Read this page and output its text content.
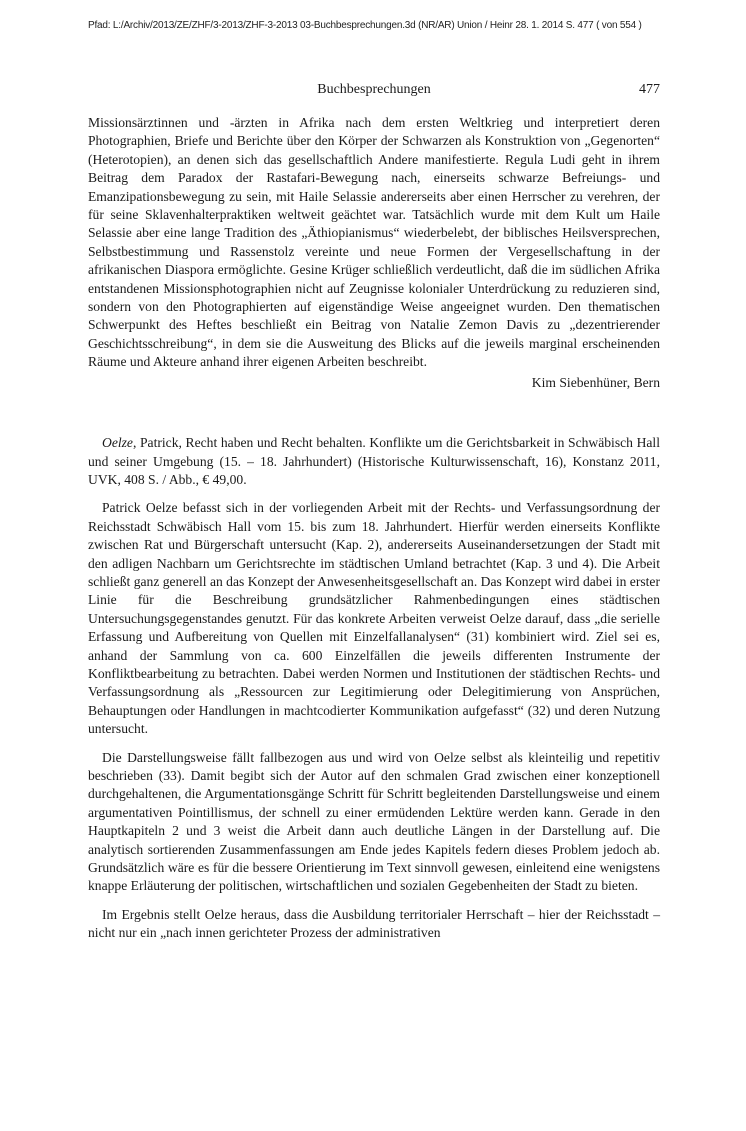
Pfad: L:/Archiv/2013/ZE/ZHF/3-2013/ZHF-3-2013 03-Buchbesprechungen.3d (NR/AR) Union / Heinr 28. 1. 2014 S. 477 ( von 554 )
Buchbesprechungen	477

Missionsärztinnen und -ärzten in Afrika nach dem ersten Weltkrieg und interpretiert deren Photographien, Briefe und Berichte über den Körper der Schwarzen als Konstruktion von „Gegenorten“ (Heterotopien), an denen sich das gesellschaftlich Andere manifestierte. Regula Ludi geht in ihrem Beitrag dem Paradox der Rastafari-Bewegung nach, einerseits schwarze Befreiungs- und Emanzipationsbewegung zu sein, mit Haile Selassie andererseits aber einen Herrscher zu verehren, der für seine Sklavenhalterpraktiken weltweit geächtet war. Tatsächlich wurde mit dem Kult um Haile Selassie aber eine lange Tradition des „Äthiopianismus“ wiederbelebt, der biblisches Heilsversprechen, Selbstbestimmung und Rassenstolz vereinte und neue Formen der Vergesellschaftung in der afrikanischen Diaspora ermöglichte. Gesine Krüger schließlich verdeutlicht, daß die im südlichen Afrika entstandenen Missionsphotographien nicht auf Zeugnisse kolonialer Unterdrückung zu reduzieren sind, sondern von den Photographierten auf eigenständige Weise angeeignet wurden. Den thematischen Schwerpunkt des Heftes beschließt ein Beitrag von Natalie Zemon Davis zu „dezentrierender Geschichtsschreibung“, in dem sie die Ausweitung des Blicks auf die jeweils marginal erscheinenden Räume und Akteure anhand ihrer eigenen Arbeiten beschreibt.

Kim Siebenhüner, Bern

Oelze, Patrick, Recht haben und Recht behalten. Konflikte um die Gerichtsbarkeit in Schwäbisch Hall und seiner Umgebung (15. – 18. Jahrhundert) (Historische Kulturwissenschaft, 16), Konstanz 2011, UVK, 408 S. / Abb., € 49,00.

Patrick Oelze befasst sich in der vorliegenden Arbeit mit der Rechts- und Verfassungsordnung der Reichsstadt Schwäbisch Hall vom 15. bis zum 18. Jahrhundert. Hierfür werden einerseits Konflikte zwischen Rat und Bürgerschaft untersucht (Kap. 2), andererseits Auseinandersetzungen der Stadt mit den adligen Nachbarn um Gerichtsrechte im städtischen Umland betrachtet (Kap. 3 und 4). Die Arbeit schließt ganz generell an das Konzept der Anwesenheitsgesellschaft an. Das Konzept wird dabei in erster Linie für die Beschreibung grundsätzlicher Rahmenbedingungen eines städtischen Untersuchungsgegenstandes genutzt. Für das konkrete Arbeiten verweist Oelze darauf, dass „die serielle Erfassung und Aufbereitung von Quellen mit Einzelfallanalysen“ (31) kombiniert wird. Ziel sei es, anhand der Sammlung von ca. 600 Einzelfällen die jeweils differenten Instrumente der Konfliktbearbeitung zu betrachten. Dabei werden Normen und Institutionen der städtischen Rechts- und Verfassungsordnung als „Ressourcen zur Legitimierung oder Delegitimierung von Ansprüchen, Behauptungen oder Handlungen in machtcodierter Kommunikation aufgefasst“ (32) und deren Nutzung untersucht.

Die Darstellungsweise fällt fallbezogen aus und wird von Oelze selbst als kleinteilig und repetitiv beschrieben (33). Damit begibt sich der Autor auf den schmalen Grad zwischen einer konzeptionell durchgehaltenen, die Argumentationsgänge Schritt für Schritt begleitenden Darstellungsweise und einem argumentativen Pointillismus, der schnell zu einer ermüdenden Lektüre werden kann. Gerade in den Hauptkapiteln 2 und 3 weist die Arbeit dann auch deutliche Längen in der Darstellung auf. Die analytisch sortierenden Zusammenfassungen am Ende jedes Kapitels federn dieses Problem jedoch ab. Grundsätzlich wäre es für die bessere Orientierung im Text sinnvoll gewesen, einleitend eine wenigstens knappe Erläuterung der politischen, wirtschaftlichen und sozialen Gegebenheiten der Stadt zu bieten.

Im Ergebnis stellt Oelze heraus, dass die Ausbildung territorialer Herrschaft – hier der Reichsstadt – nicht nur ein „nach innen gerichteter Prozess der administrativen
